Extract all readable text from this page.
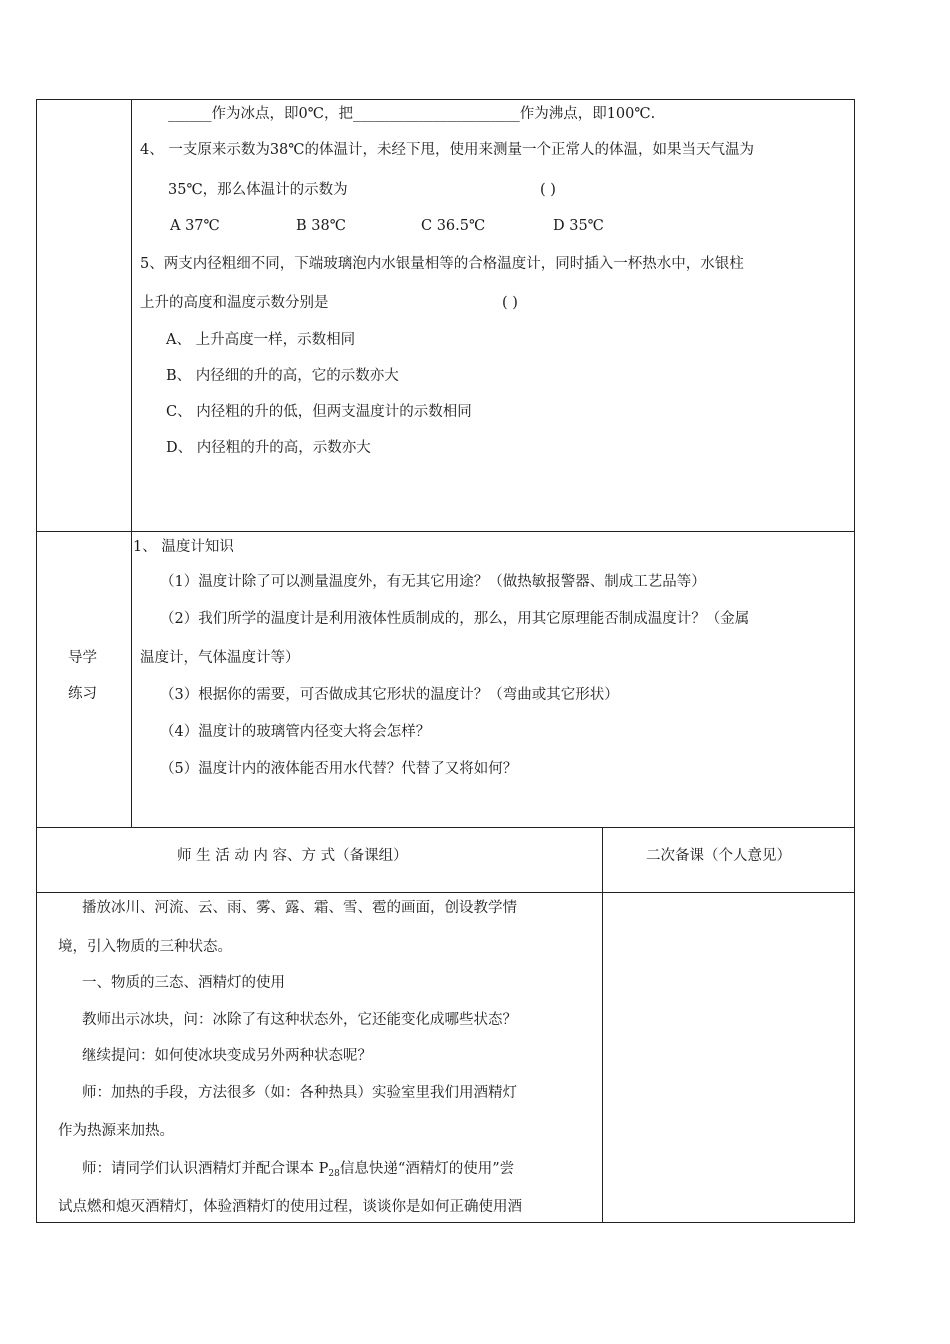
______作为冰点，即0℃，把_______________________作为沸点，即100℃.
4、 一支原来示数为38℃的体温计，未经下甩，使用来测量一个正常人的体温，如果当天气温为
35℃，那么体温计的示数为	( )
A 37℃	B 38℃	C 36.5℃	D 35℃
5、两支内径粗细不同，下端玻璃泡内水银量相等的合格温度计，同时插入一杯热水中，水银柱
上升的高度和温度示数分别是	( )
A、 上升高度一样，示数相同
B、 内径细的升的高，它的示数亦大
C、 内径粗的升的低，但两支温度计的示数相同
D、 内径粗的升的高，示数亦大
导学
练习
1、 温度计知识
（1）温度计除了可以测量温度外，有无其它用途？（做热敏报警器、制成工艺品等）
（2）我们所学的温度计是利用液体性质制成的，那么，用其它原理能否制成温度计？（金属
温度计，气体温度计等）
（3）根据你的需要，可否做成其它形状的温度计？（弯曲或其它形状）
（4）温度计的玻璃管内径变大将会怎样？
（5）温度计内的液体能否用水代替？代替了又将如何？
师 生 活 动 内 容、方 式（备课组）	二次备课（个人意见）
播放冰川、河流、云、雨、雾、露、霜、雪、雹的画面，创设教学情
境，引入物质的三种状态。
一、物质的三态、酒精灯的使用
教师出示冰块，问：冰除了有这种状态外，它还能变化成哪些状态？
继续提问：如何使冰块变成另外两种状态呢？
师：加热的手段，方法很多（如：各种热具）实验室里我们用酒精灯
作为热源来加热。
师：请同学们认识酒精灯并配合课本 $P_{28}$信息快递“酒精灯的使用”尝
试点燃和熄灭酒精灯，体验酒精灯的使用过程，谈谈你是如何正确使用酒
